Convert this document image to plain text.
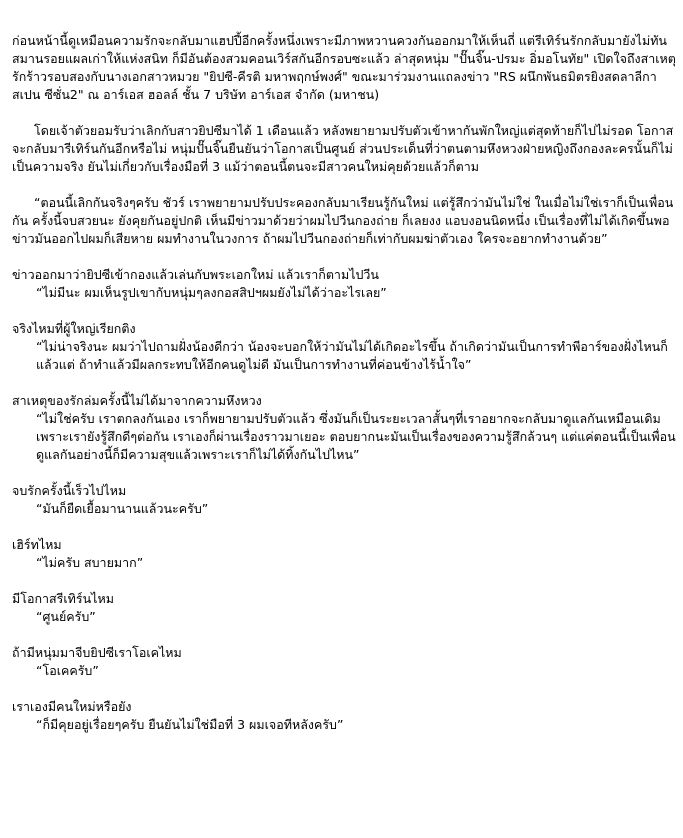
ก่อนหน้านี้ดูเหมือนความรักจะกลับมาแฮปปี้อีกครั้งหนึ่งเพราะมีภาพหวานควงกันออกมาให้เห็นถี่ แต่รีเทิร์นรักกลับมายังไม่ทันสมานรอยแผลเก่าให้แห่งสนิท ก็มีอันต้องสวมคอนเวิร์สกันอีกรอบซะแล้ว ล่าสุดหนุ่ม "ปั๊นจิ๊น-ปรมะ อิ่มอโนทัย" เปิดใจถึงสาเหตุรักร้าวรอบสองกับนางเอกสาวหมวย "ยิปซี-คีรติ มหาพฤกษ์พงศ์" ขณะมาร่วมงานแถลงข่าว "RS ผนึกพันธมิตรยิงสดลาลีกาสเปน ซีซั่น2" ณ อาร์เอส ฮอลล์ ชั้น 7 บริษัท อาร์เอส จำกัด (มหาชน)

โดยเจ้าตัวยอมรับว่าเลิกกับสาวยิปซีมาได้ 1 เดือนแล้ว หลังพยายามปรับตัวเข้าหากันพักใหญ่แต่สุดท้ายก็ไปไม่รอด โอกาสจะกลับมารีเทิร์นกันอีกหรือไม่ หนุ่มปั๊นจิ๊นยืนยันว่าโอกาสเป็นศูนย์ ส่วนประเด็นที่ว่าตนตามหึงหวงฝ่ายหญิงถึงกองละครนั้นก็ไม่เป็นความจริง ยันไม่เกี่ยวกับเรื่องมือที่ 3 แม้ว่าตอนนี้ตนจะมีสาวคนใหม่คุยด้วยแล้วก็ตาม

“ตอนนี้เลิกกันจริงๆครับ ชัวร์ เราพยายามปรับประคองกลับมาเรียนรู้กันใหม่ แต่รู้สึกว่ามันไม่ใช่ ในเมื่อไม่ใช่เราก็เป็นเพื่อนกัน ครั้งนี้จบสวยนะ ยังคุยกันอยู่ปกติ เห็นมีข่าวมาด้วยว่าผมไปวีนกองถ่าย ก็เลยงง แอบงอนนิดหนึ่ง เป็นเรื่องที่ไม่ได้เกิดขึ้นพอข่าวมันออกไปผมก็เสียหาย ผมทำงานในวงการ ถ้าผมไปวีนกองถ่ายก็เท่ากับผมฆ่าตัวเอง ใครจะอยากทำงานด้วย”

ข่าวออกมาว่ายิปซีเข้ากองแล้วเล่นกับพระเอกใหม่ แล้วเราก็ตามไปวีน

“ไม่มีนะ ผมเห็นรูปเขากับหนุ่มๆลงกอสสิปฯผมยังไม่ได้ว่าอะไรเลย”

จริงไหมที่ผู้ใหญ่เรียกติง

“ไม่น่าจริงนะ ผมว่าไปถามฝั่งน้องดีกว่า น้องจะบอกให้ว่ามันไม่ได้เกิดอะไรขึ้น ถ้าเกิดว่ามันเป็นการทำพีอาร์ของฝั่งไหนก็แล้วแต่ ถ้าทำแล้วมีผลกระทบให้อีกคนดูไม่ดี มันเป็นการทำงานที่ค่อนข้างไร้น้ำใจ”

สาเหตุของรักล่มครั้งนี้ไม่ได้มาจากความหึงหวง

“ไม่ใช่ครับ เราตกลงกันเอง เราก็พยายามปรับตัวแล้ว ซึ่งมันก็เป็นระยะเวลาสั้นๆที่เราอยากจะกลับมาดูแลกันเหมือนเดิมเพราะเรายังรู้สึกดีๆต่อกัน เราเองก็ผ่านเรื่องราวมาเยอะ ตอบยากนะมันเป็นเรื่องของความรู้สึกล้วนๆ แต่แค่ตอนนี้เป็นเพื่อน ดูแลกันอย่างนี้ก็มีความสุขแล้วเพราะเราก็ไม่ได้ทิ้งกันไปไหน”

จบรักครั้งนี้เร็วไปไหม

“มันก็ยืดเยื้อมานานแล้วนะครับ”

เฮิร์ทไหม

“ไม่ครับ สบายมาก”

มีโอกาสรีเทิร์นไหม

“ศูนย์ครับ”

ถ้ามีหนุ่มมาจีบยิปซีเราโอเคไหม

“โอเคครับ”

เราเองมีคนใหม่หรือยัง

“ก็มีคุยอยู่เรื่อยๆครับ ยืนยันไม่ใช่มือที่ 3 ผมเจอทีหลังครับ”
